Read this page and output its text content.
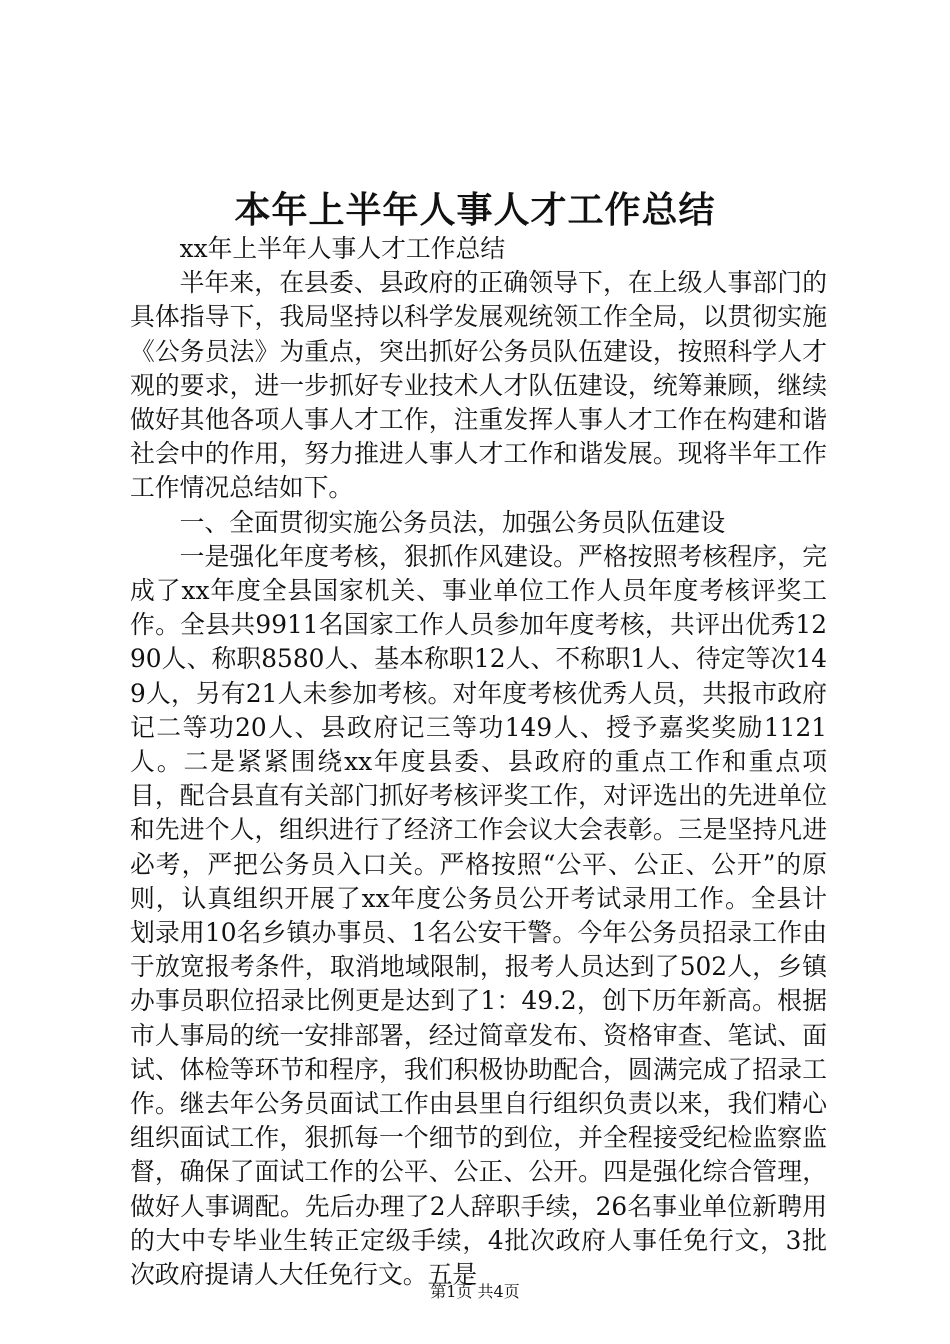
本年上半年人事人才工作总结

xx年上半年人事人才工作总结

半年来，在县委、县政府的正确领导下，在上级人事部门的具体指导下，我局坚持以科学发展观统领工作全局，以贯彻实施《公务员法》为重点，突出抓好公务员队伍建设，按照科学人才观的要求，进一步抓好专业技术人才队伍建设，统筹兼顾，继续做好其他各项人事人才工作，注重发挥人事人才工作在构建和谐社会中的作用，努力推进人事人才工作和谐发展。现将半年工作工作情况总结如下。

一、全面贯彻实施公务员法，加强公务员队伍建设

一是强化年度考核，狠抓作风建设。严格按照考核程序，完成了xx年度全县国家机关、事业单位工作人员年度考核评奖工作。全县共9911名国家工作人员参加年度考核，共评出优秀1290人、称职8580人、基本称职12人、不称职1人、待定等次149人，另有21人未参加考核。对年度考核优秀人员，共报市政府记二等功20人、县政府记三等功149人、授予嘉奖奖励1121人。二是紧紧围绕xx年度县委、县政府的重点工作和重点项目，配合县直有关部门抓好考核评奖工作，对评选出的先进单位和先进个人，组织进行了经济工作会议大会表彰。三是坚持凡进必考，严把公务员入口关。严格按照“公平、公正、公开”的原则，认真组织开展了xx年度公务员公开考试录用工作。全县计划录用10名乡镇办事员、1名公安干警。今年公务员招录工作由于放宽报考条件，取消地域限制，报考人员达到了502人，乡镇办事员职位招录比例更是达到了1：49.2，创下历年新高。根据市人事局的统一安排部署，经过简章发布、资格审查、笔试、面试、体检等环节和程序，我们积极协助配合，圆满完成了招录工作。继去年公务员面试工作由县里自行组织负责以来，我们精心组织面试工作，狠抓每一个细节的到位，并全程接受纪检监察监督，确保了面试工作的公平、公正、公开。四是强化综合管理，做好人事调配。先后办理了2人辞职手续，26名事业单位新聘用的大中专毕业生转正定级手续，4批次政府人事任免行文，3批次政府提请人大任免行文。五是

第1页 共4页
